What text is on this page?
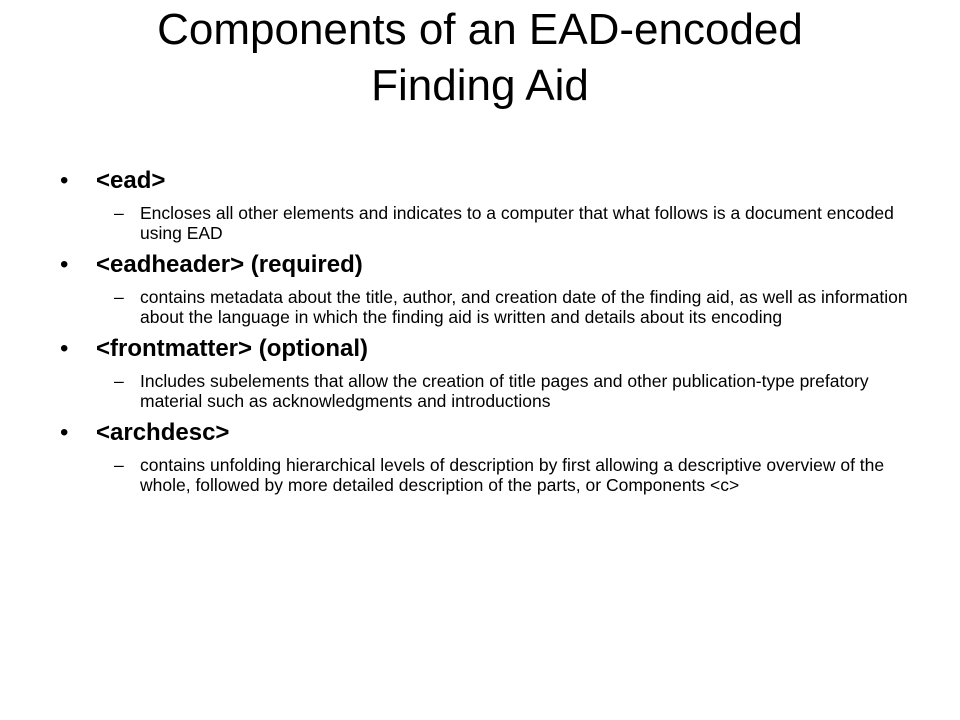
Components of an EAD-encoded
Finding Aid
• <ead>
– Encloses all other elements and indicates to a computer that what follows is a document encoded using EAD
• <eadheader> (required)
– contains metadata about the title, author, and creation date of the finding aid, as well as information about the language in which the finding aid is written and details about its encoding
• <frontmatter> (optional)
– Includes subelements that allow the creation of title pages and other publication-type prefatory material such as acknowledgments and introductions
• <archdesc>
– contains unfolding hierarchical levels of description by first allowing a descriptive overview of the whole, followed by more detailed description of the parts, or Components <c>
